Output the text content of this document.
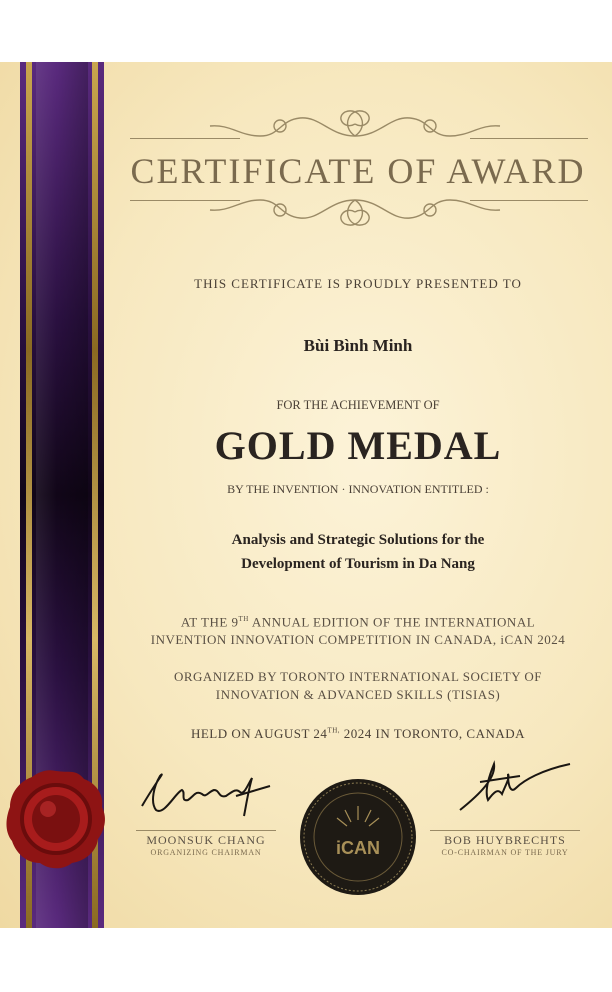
CERTIFICATE OF AWARD
THIS CERTIFICATE IS PROUDLY PRESENTED TO
Bùi Bình Minh
FOR THE ACHIEVEMENT OF
GOLD MEDAL
BY THE INVENTION · INNOVATION ENTITLED :
Analysis and Strategic Solutions for the
Development of Tourism in Da Nang
AT THE 9TH ANNUAL EDITION OF THE INTERNATIONAL
INVENTION INNOVATION COMPETITION IN CANADA, iCAN 2024
ORGANIZED BY TORONTO INTERNATIONAL SOCIETY OF
INNOVATION & ADVANCED SKILLS (TISIAS)
HELD ON AUGUST $24^{TH,}$ 2024 IN TORONTO, CANADA
MOONSUK CHANG
ORGANIZING CHAIRMAN	iCAN	BOB HUYBRECHTS
CO-CHAIRMAN OF THE JURY
